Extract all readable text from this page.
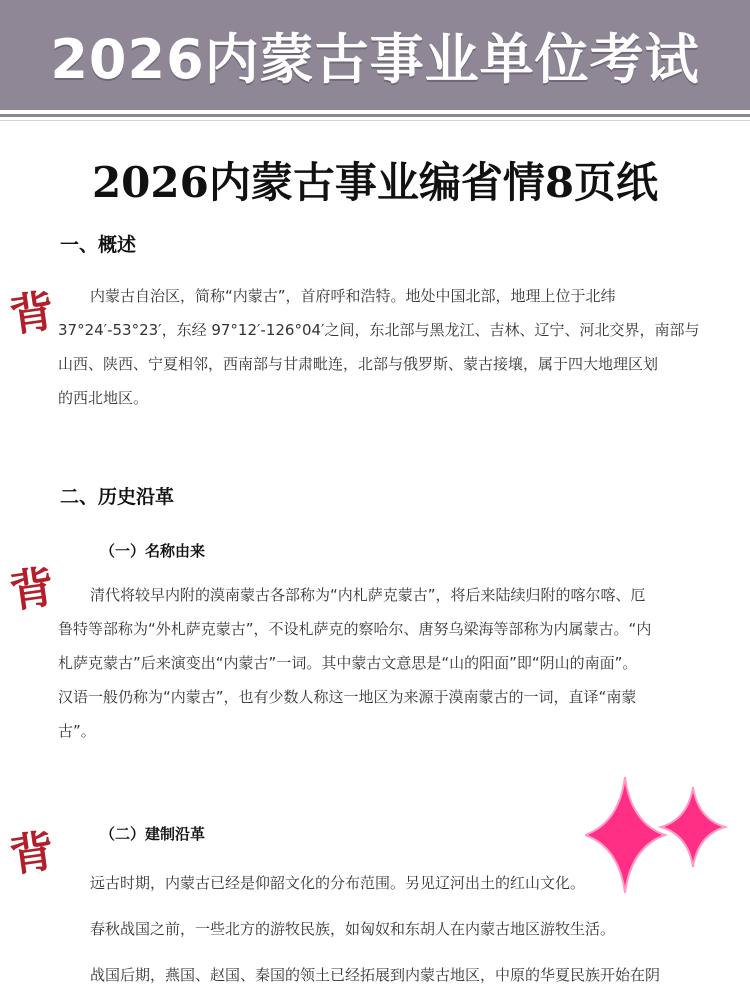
2026内蒙古事业单位考试
2026内蒙古事业编省情8页纸
一、概述
背	内蒙古自治区，简称“内蒙古”，首府呼和浩特。地处中国北部，地理上位于北纬
37°24′-53°23′，东经 97°12′-126°04′之间，东北部与黑龙江、吉林、辽宁、河北交界，南部与
山西、陕西、宁夏相邻，西南部与甘肃毗连，北部与俄罗斯、蒙古接壤，属于四大地理区划
的西北地区。
二、历史沿革
（一）名称由来
背	清代将较早内附的漠南蒙古各部称为“内札萨克蒙古”，将后来陆续归附的喀尔喀、厄
鲁特等部称为“外札萨克蒙古”，不设札萨克的察哈尔、唐努乌梁海等部称为内属蒙古。“内
札萨克蒙古”后来演变出“内蒙古”一词。其中蒙古文意思是“山的阳面”即“阴山的南面”。
汉语一般仍称为“内蒙古”，也有少数人称这一地区为来源于漠南蒙古的一词，直译“南蒙
古”。
（二）建制沿革
背
远古时期，内蒙古已经是仰韶文化的分布范围。另见辽河出土的红山文化。
春秋战国之前，一些北方的游牧民族，如匈奴和东胡人在内蒙古地区游牧生活。
战国后期，燕国、赵国、秦国的领土已经拓展到内蒙古地区，中原的华夏民族开始在阴
